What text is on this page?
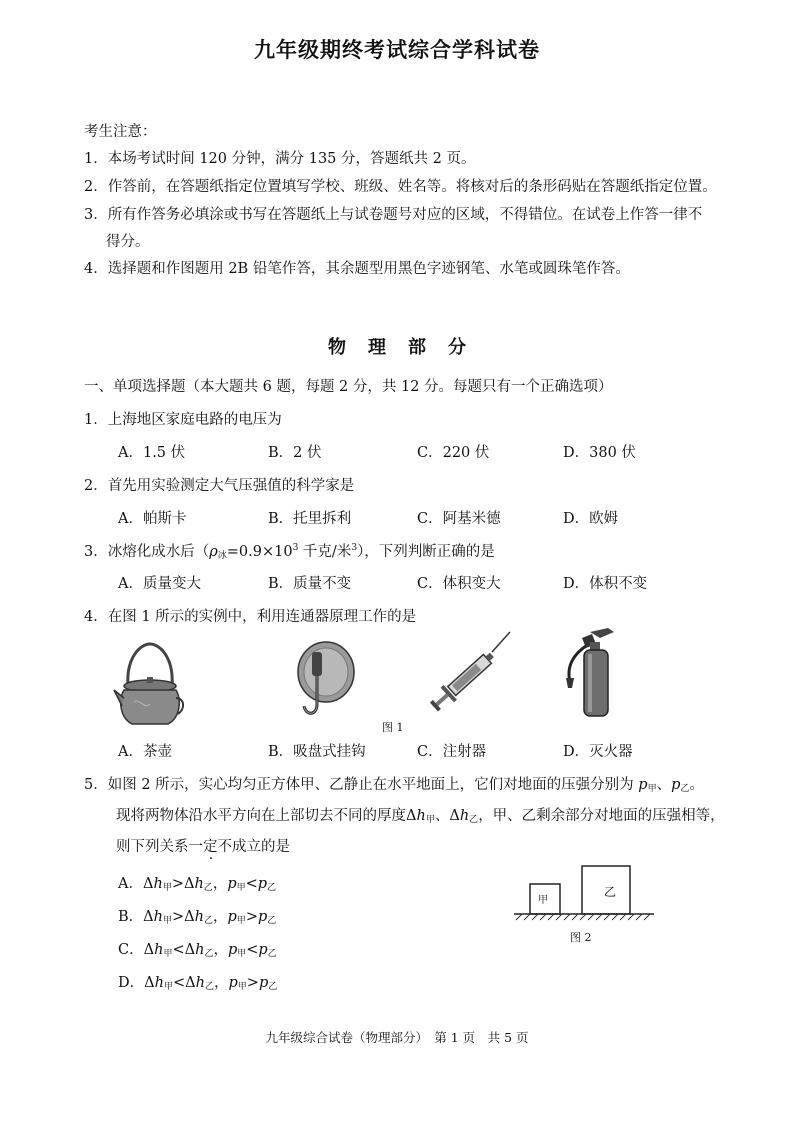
九年级期终考试综合学科试卷
考生注意：
1．本场考试时间 120 分钟，满分 135 分，答题纸共 2 页。
2．作答前，在答题纸指定位置填写学校、班级、姓名等。将核对后的条形码贴在答题纸指定位置。
3．所有作答务必填涂或书写在答题纸上与试卷题号对应的区域，不得错位。在试卷上作答一律不
得分。
4．选择题和作图题用 2B 铅笔作答，其余题型用黑色字迹钢笔、水笔或圆珠笔作答。
物理部分
一、单项选择题（本大题共 6 题，每题 2 分，共 12 分。每题只有一个正确选项）
1．上海地区家庭电路的电压为
A．1.5 伏	B．2 伏	C．220 伏	D．380 伏
2．首先用实验测定大气压强值的科学家是
A．帕斯卡	B．托里拆利	C．阿基米德	D．欧姆
3．冰熔化成水后（$\rho_冰=0.9\times 10^3$ 千克/米$^3$），下列判断正确的是
A．质量变大	B．质量不变	C．体积变大	D．体积不变
4．在图 1 所示的实例中，利用连通器原理工作的是
图 1
A．茶壶	B．吸盘式挂钩	C．注射器	D．灭火器
5．如图 2 所示，实心均匀正方体甲、乙静止在水平地面上，它们对地面的压强分别为 $p_甲$、$p_乙$。
现将两物体沿水平方向在上部切去不同的厚度$\Delta h_甲$、$\Delta h_乙$，甲、乙剩余部分对地面的压强相等，
则下列关系一定不成立的是
A．$\Delta h_甲>\Delta h_乙$，$p_甲<p_乙$
B．$\Delta h_甲>\Delta h_乙$，$p_甲>p_乙$
C．$\Delta h_甲<\Delta h_乙$，$p_甲<p_乙$
D．$\Delta h_甲<\Delta h_乙$，$p_甲>p_乙$
甲
乙
图 2
九年级综合试卷（物理部分）　第 1 页　共 5 页
